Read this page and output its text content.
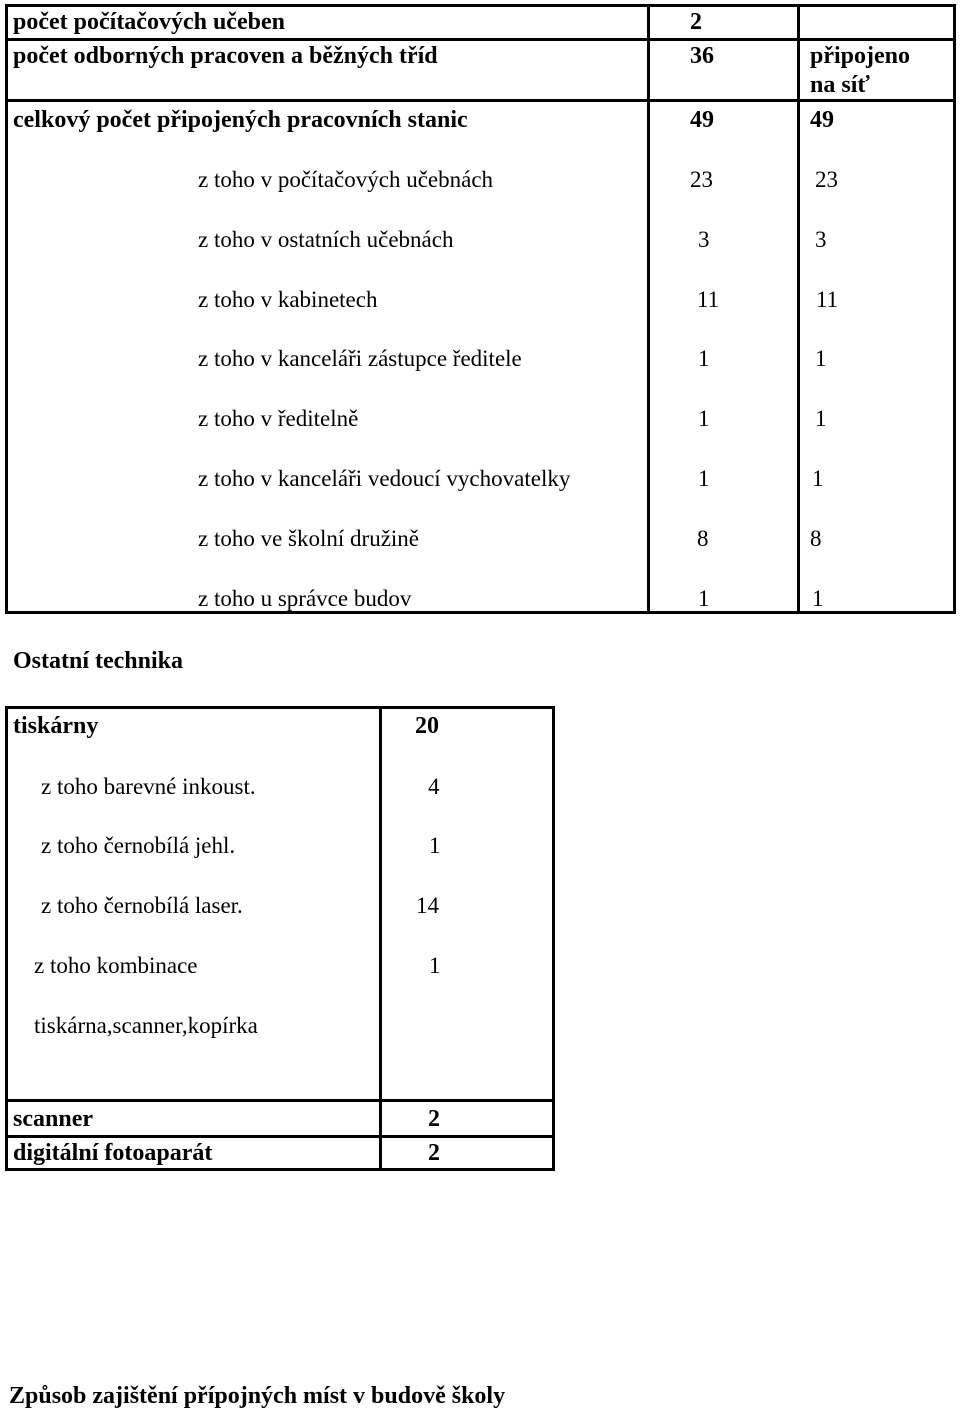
počet počítačových učeben	2
počet odborných pracoven a běžných tříd	36	připojeno
na síť
celkový počet připojených pracovních stanic	49	49
z toho v počítačových učebnách	23	23
z toho v ostatních učebnách	3	3
z toho v kabinetech	11	11
z toho v kanceláři zástupce ředitele	1	1
z toho v ředitelně	1	1
z toho v kanceláři vedoucí vychovatelky	1	1
z toho ve školní družině	8	8
z toho u správce budov	1	1
Ostatní technika
tiskárny	20
z toho barevné inkoust.	4
z toho černobílá jehl.	1
z toho černobílá laser.	14
z toho kombinace	1
tiskárna,scanner,kopírka
scanner	2
digitální fotoaparát	2
Způsob zajištění přípojných míst v budově školy
